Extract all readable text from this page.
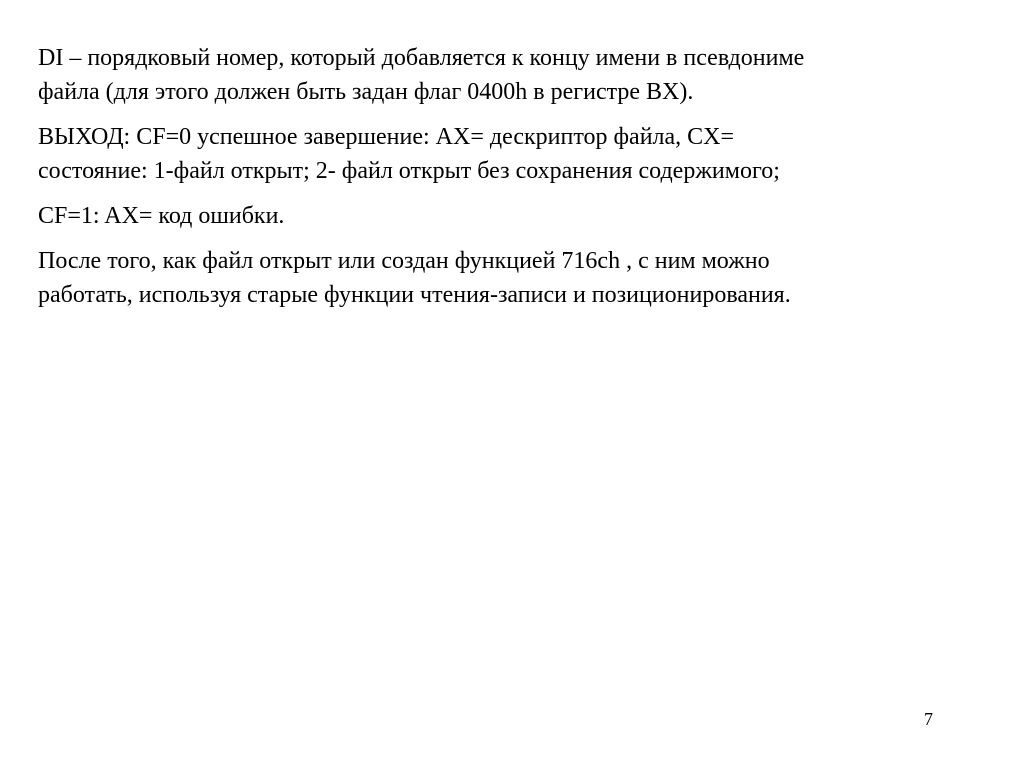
DI – порядковый номер, который добавляется к концу имени в псевдониме
файла (для этого должен быть задан флаг 0400h в регистре BX).

ВЫХОД: CF=0 успешное завершение: AX= дескриптор файла, CX=
состояние: 1-файл открыт; 2- файл открыт без сохранения содержимого;

CF=1: AX= код ошибки.

После того, как файл открыт или создан функцией 716ch , с ним можно
работать, используя старые функции чтения-записи и позиционирования.

7
